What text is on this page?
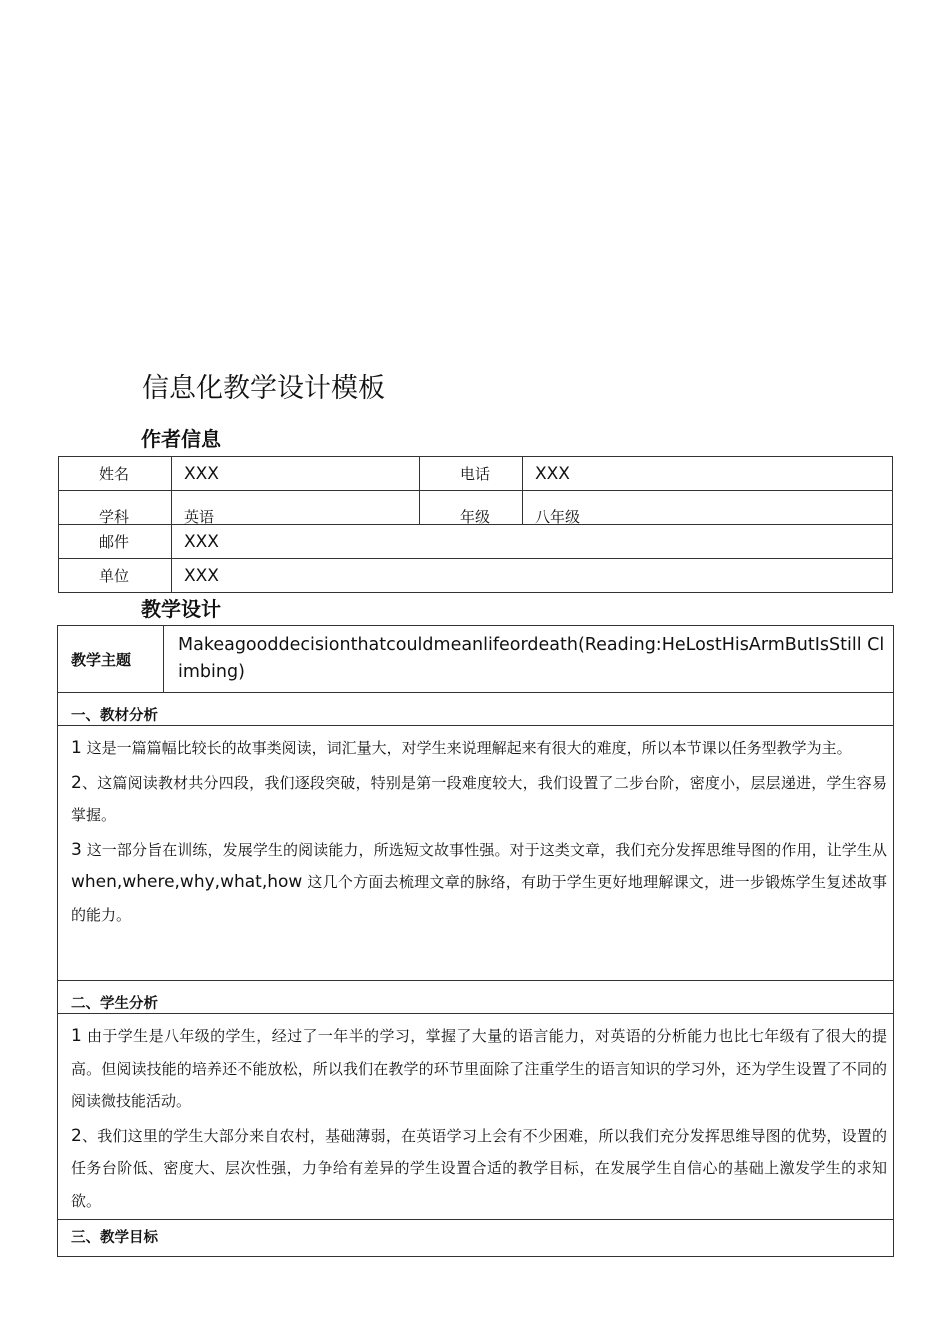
信息化教学设计模板
作者信息
姓名	XXX	电话	XXX
学科	英语	年级	八年级
邮件	XXX		
单位	XXX		
教学设计
教学主题	Makeagooddecisionthatcouldmeanlifeordeath(Reading:HeLostHisArmButIsStill Climbing)
一、教材分析

1 这是一篇篇幅比较长的故事类阅读，词汇量大，对学生来说理解起来有很大的难度，所以本节课以任务型教学为主。

2、这篇阅读教材共分四段，我们逐段突破，特别是第一段难度较大，我们设置了二步台阶，密度小，层层递进，学生容易掌握。

3 这一部分旨在训练，发展学生的阅读能力，所选短文故事性强。对于这类文章，我们充分发挥思维导图的作用，让学生从 when,where,why,what,how 这几个方面去梳理文章的脉络，有助于学生更好地理解课文，进一步锻炼学生复述故事的能力。

二、学生分析

1 由于学生是八年级的学生，经过了一年半的学习，掌握了大量的语言能力，对英语的分析能力也比七年级有了很大的提高。但阅读技能的培养还不能放松，所以我们在教学的环节里面除了注重学生的语言知识的学习外，还为学生设置了不同的阅读微技能活动。

2、我们这里的学生大部分来自农村，基础薄弱，在英语学习上会有不少困难，所以我们充分发挥思维导图的优势，设置的任务台阶低、密度大、层次性强，力争给有差异的学生设置合适的教学目标，在发展学生自信心的基础上激发学生的求知欲。

三、教学目标
